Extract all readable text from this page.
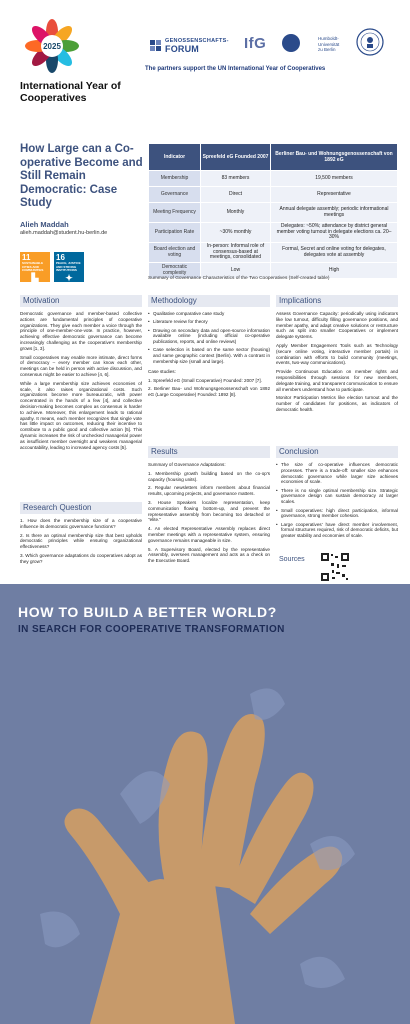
2025
International Year of Cooperatives
GENOSSENSCHAFTS-
FORUM	IfG	Humboldt-Universität zu Berlin
The partners support the UN International Year of Cooperatives
How Large can a Co-operative Become and Still Remain Democratic: Case Study
Alieh Maddah
alieh.maddah@student.hu-berlin.de
11
SUSTAINABLE CITIES AND COMMUNITIES
▙
16
PEACE, JUSTICE AND STRONG INSTITUTIONS
✦
Indicator	Spreefeld eG Founded 2007	Berliner Bau- und Wohnungsgenossenschaft von 1892 eG
Membership	83 members	19,500 members
Governance	Direct	Representative
Meeting Frequency	Monthly	Annual delegate assembly; periodic informational meetings
Participation Rate	~30% monthly	Delegates: ~50%; attendance by district general member voting turnout in delegate elections ca. 20–30%
Board election and voting	In-person: Informal role of consensus-based at meetings, consolidated	Formal, Secret and online voting for delegates, delegates vote at assembly
Democratic complexity	Low	High
Summary of Governance Characteristics of the Two Cooperatives (Self-created table)
Motivation

Democratic governance and member-based collective actions are fundamental principles of cooperative organizations. They give each member a voice through the principle of one-member-one-vote. In practice, however, achieving effective democratic governance can become increasingly challenging as the cooperative's membership grows [1, 3].

Small cooperatives may enable more intimate, direct forms of democracy – every member can know each other, meetings can be held in person with active discussion, and consensus might be easier to achieve [4, 6].

While a large membership size achieves economies of scale, it also raises organizational costs. Such organizations become more bureaucratic, with power concentrated in the hands of a few [4], and collective decision-making becomes complex as consensus is harder to achieve. Moreover, this enlargement leads to rational apathy. It means, each member recognizes that single vote has little impact on outcomes, reducing their incentive to contribute to a public good and collective action [5]. This dynamic increases the risk of unchecked managerial power as insufficient member oversight and weakens managerial accountability, leading to increased agency costs [5].

Research Question

1. How does the membership size of a cooperative influence its democratic governance functions?

2. Is there an optimal membership size that best upholds democratic principles while ensuring organizational effectiveness?

3. Which governance adaptations do cooperatives adopt as they grow?

Methodology
• Qualitative comparative case study
• Literature review for theory
• Drawing on secondary data and open-source information available online (including official co-operative publications, reports, and online reviews)
• Case selection is based on the same sector (housing) and same geographic context (Berlin). With a contrast in membership size (small and large).

Case studies:

1. Spreefeld eG (Small Cooperative) Founded: 2007 [7].

2. Berliner Bau- und Wohnungsgenossenschaft von 1892 eG (Large Cooperative) Founded: 1892 [8].

Results

Summary of Governance Adaptations:

1. Membership growth building based on the co-op's capacity (housing units).

2. Regular newsletters inform members about financial results, upcoming projects, and governance matters.

3. House Speakers localize representation, keep communication flowing bottom-up, and prevent the representative assembly from becoming too detached or "elite."

4. An elected Representative Assembly replaces direct member meetings with a representative system, ensuring governance remains manageable in size.

5. A Supervisory Board, elected by the representative Assembly, oversees management and acts as a check on the Executive Board.

Implications

Assess Governance Capacity: periodically using indicators like low turnout, difficulty filling governance positions, and member apathy, and adapt creative solutions or restructure such as split into smaller Cooperatives or implement delegate systems.

Apply Member Engagement Tools such as Technology (secure online voting, interactive member portals) in combination with efforts to build community (meetings, events, two-way communications).

Provide Continuous Education on member rights and responsibilities through sessions for new members, delegate training, and transparent communication to ensure all members understand how to participate.

Monitor Participation Metrics like election turnout and the number of candidates for positions, as indicators of democratic health.

Conclusion
• The size of co-operative influences democratic processes. There is a trade-off: smaller size enhances democratic governance while larger size achieves economies of scale.
• There is no single optimal membership size. Strategic governance design can sustain democracy at larger scales.
• Small cooperatives: high direct participation, informal governance, strong member cohesion.
• Large cooperatives' have direct member involvement, formal structures required, risk of democratic deficits, but greater stability and economies of scale.
Sources
HOW TO BUILD A BETTER WORLD?
IN SEARCH FOR COOPERATIVE TRANSFORMATION
